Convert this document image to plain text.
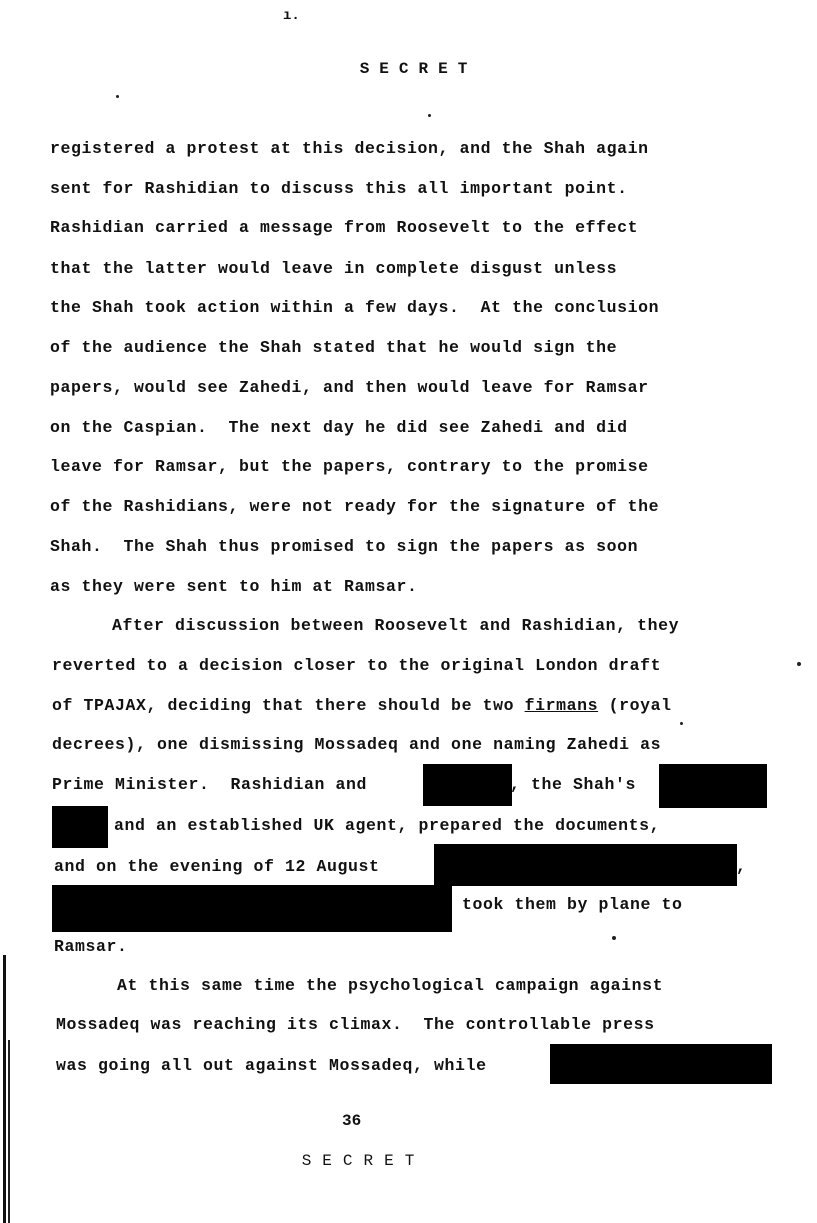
ı.
SECRET
registered a protest at this decision, and the Shah again
sent for Rashidian to discuss this all important point.
Rashidian carried a message from Roosevelt to the effect
that the latter would leave in complete disgust unless
the Shah took action within a few days.  At the conclusion
of the audience the Shah stated that he would sign the
papers, would see Zahedi, and then would leave for Ramsar
on the Caspian.  The next day he did see Zahedi and did
leave for Ramsar, but the papers, contrary to the promise
of the Rashidians, were not ready for the signature of the
Shah.  The Shah thus promised to sign the papers as soon
as they were sent to him at Ramsar.
After discussion between Roosevelt and Rashidian, they
reverted to a decision closer to the original London draft
of TPAJAX, deciding that there should be two firmans (royal
decrees), one dismissing Mossadeq and one naming Zahedi as
Prime Minister.  Rashidian and	, the Shah's
and an established UK agent, prepared the documents,
and on the evening of 12 August	,
took them by plane to
Ramsar.
At this same time the psychological campaign against
Mossadeq was reaching its climax.  The controllable press
was going all out against Mossadeq, while
36
SECRET
